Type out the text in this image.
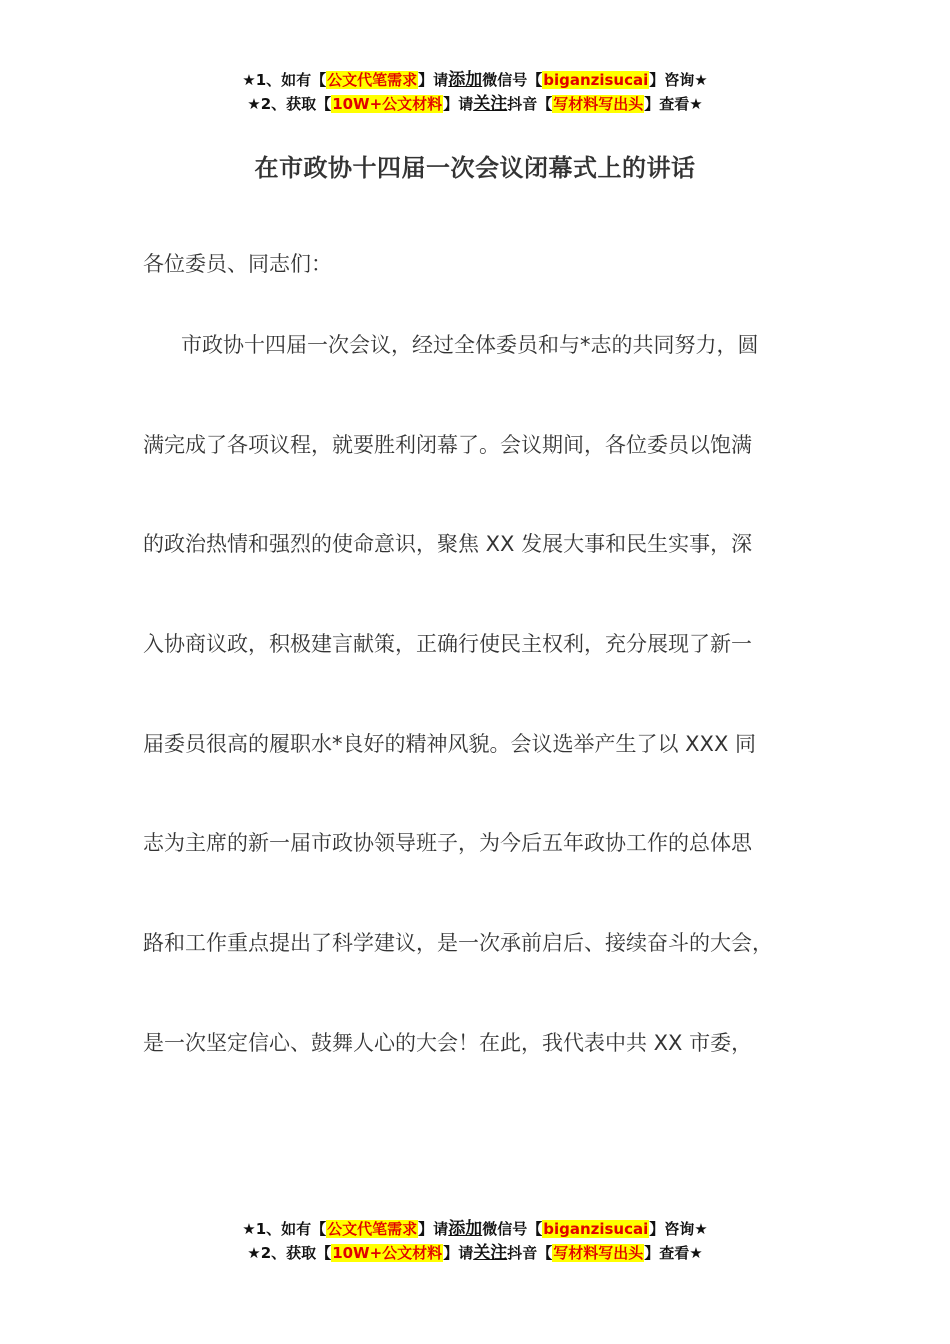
★1、如有【公文代笔需求】请添加微信号【biganzisucai】咨询★
★2、获取【10W+公文材料】请关注抖音【写材料写出头】查看★
在市政协十四届一次会议闭幕式上的讲话
各位委员、同志们：
市政协十四届一次会议，经过全体委员和与*志的共同努力，圆
满完成了各项议程，就要胜利闭幕了。会议期间，各位委员以饱满
的政治热情和强烈的使命意识，聚焦 XX 发展大事和民生实事，深
入协商议政，积极建言献策，正确行使民主权利，充分展现了新一
届委员很高的履职水*良好的精神风貌。会议选举产生了以 XXX 同
志为主席的新一届市政协领导班子，为今后五年政协工作的总体思
路和工作重点提出了科学建议，是一次承前启后、接续奋斗的大会，
是一次坚定信心、鼓舞人心的大会！在此，我代表中共 XX 市委，
★1、如有【公文代笔需求】请添加微信号【biganzisucai】咨询★
★2、获取【10W+公文材料】请关注抖音【写材料写出头】查看★
